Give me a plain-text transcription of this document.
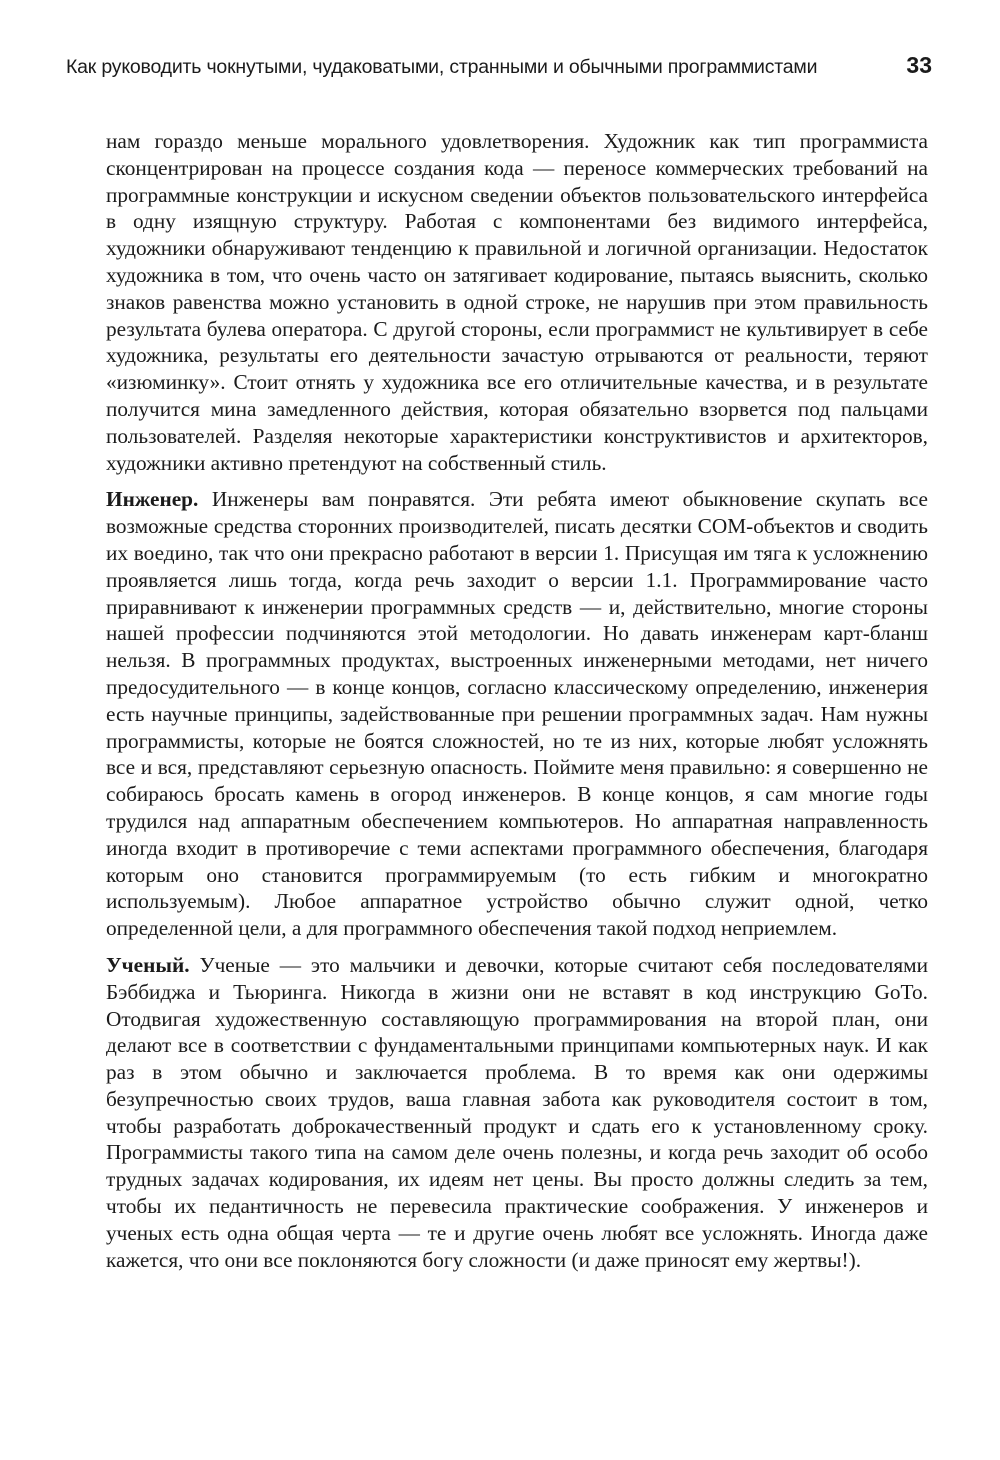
Как руководить чокнутыми, чудаковатыми, странными и обычными программистами	33

нам гораздо меньше морального удовлетворения. Художник как тип программиста сконцентрирован на процессе создания кода — переносе коммерческих требований на программные конструкции и искусном сведении объектов пользовательского интерфейса в одну изящную структуру. Работая с компонентами без видимого интерфейса, художники обнаруживают тенденцию к правильной и логичной организации. Недостаток художника в том, что очень часто он затягивает кодирование, пытаясь выяснить, сколько знаков равенства можно установить в одной строке, не нарушив при этом правильность результата булева оператора. С другой стороны, если программист не культивирует в себе художника, результаты его деятельности зачастую отрываются от реальности, теряют «изюминку». Стоит отнять у художника все его отличительные качества, и в результате получится мина замедленного действия, которая обязательно взорвется под пальцами пользователей. Разделяя некоторые характеристики конструктивистов и архитекторов, художники активно претендуют на собственный стиль.

Инженер. Инженеры вам понравятся. Эти ребята имеют обыкновение скупать все возможные средства сторонних производителей, писать десятки COM-объектов и сводить их воедино, так что они прекрасно работают в версии 1. Присущая им тяга к усложнению проявляется лишь тогда, когда речь заходит о версии 1.1. Программирование часто приравнивают к инженерии программных средств — и, действительно, многие стороны нашей профессии подчиняются этой методологии. Но давать инженерам карт-бланш нельзя. В программных продуктах, выстроенных инженерными методами, нет ничего предосудительного — в конце концов, согласно классическому определению, инженерия есть научные принципы, задействованные при решении программных задач. Нам нужны программисты, которые не боятся сложностей, но те из них, которые любят усложнять все и вся, представляют серьезную опасность. Поймите меня правильно: я совершенно не собираюсь бросать камень в огород инженеров. В конце концов, я сам многие годы трудился над аппаратным обеспечением компьютеров. Но аппаратная направленность иногда входит в противоречие с теми аспектами программного обеспечения, благодаря которым оно становится программируемым (то есть гибким и многократно используемым). Любое аппаратное устройство обычно служит одной, четко определенной цели, а для программного обеспечения такой подход неприемлем.

Ученый. Ученые — это мальчики и девочки, которые считают себя последователями Бэббиджа и Тьюринга. Никогда в жизни они не вставят в код инструкцию GoTo. Отодвигая художественную составляющую программирования на второй план, они делают все в соответствии с фундаментальными принципами компьютерных наук. И как раз в этом обычно и заключается проблема. В то время как они одержимы безупречностью своих трудов, ваша главная забота как руководителя состоит в том, чтобы разработать доброкачественный продукт и сдать его к установленному сроку. Программисты такого типа на самом деле очень полезны, и когда речь заходит об особо трудных задачах кодирования, их идеям нет цены. Вы просто должны следить за тем, чтобы их педантичность не перевесила практические соображения. У инженеров и ученых есть одна общая черта — те и другие очень любят все усложнять. Иногда даже кажется, что они все поклоняются богу сложности (и даже приносят ему жертвы!).
